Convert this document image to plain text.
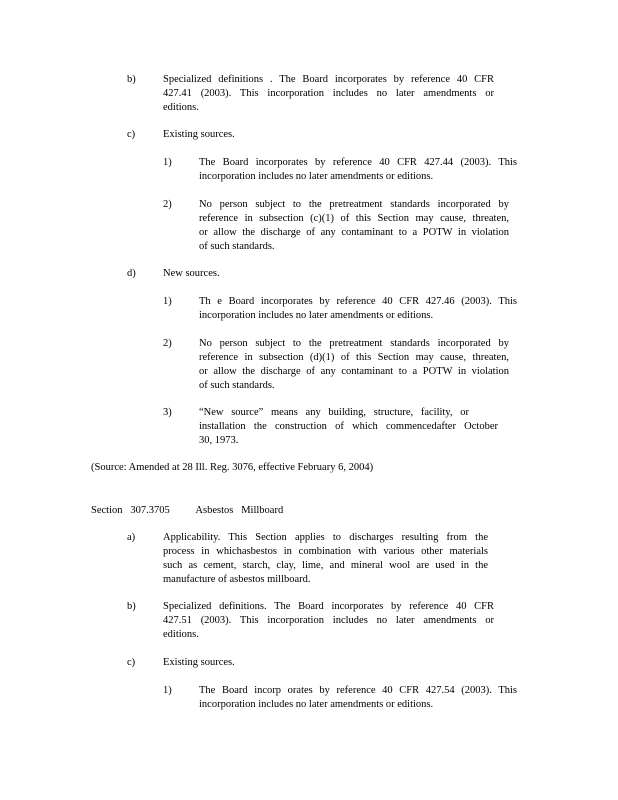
b)	Specialized definitions . The Board incorporates by reference 40 CFR
427.41 (2003). This incorporation includes no later amendments or
editions.
c)	Existing sources.
1)	The Board incorporates by reference 40 CFR 427.44 (2003). This
incorporation includes no later amendments or editions.
2)	No person subject to the pretreatment standards incorporated by
reference in subsection (c)(1) of this Section may cause, threaten,
or allow the discharge of any contaminant to a POTW in violation
of such standards.
d)	New sources.
1)	Th e Board incorporates by reference 40 CFR 427.46 (2003). This
incorporation includes no later amendments or editions.
2)	No person subject to the pretreatment standards incorporated by
reference in subsection (d)(1) of this Section may cause, threaten,
or allow the discharge of any contaminant to a POTW in violation
of such standards.
3)	“New source” means any building, structure, facility, or
installation the construction of which commencedafter October
30, 1973.
(Source: Amended at 28 Ill. Reg. 3076, effective February 6, 2004)
Section   307.3705          Asbestos   Millboard
a)	Applicability. This Section applies to discharges resulting from the
process in whichasbestos in combination with various other materials
such as cement, starch, clay, lime, and mineral wool are used in the
manufacture of asbestos millboard.
b)	Specialized definitions. The Board incorporates by reference 40 CFR
427.51 (2003). This incorporation includes no later amendments or
editions.
c)	Existing sources.
1)	The Board incorp orates by reference 40 CFR 427.54 (2003). This
incorporation includes no later amendments or editions.
